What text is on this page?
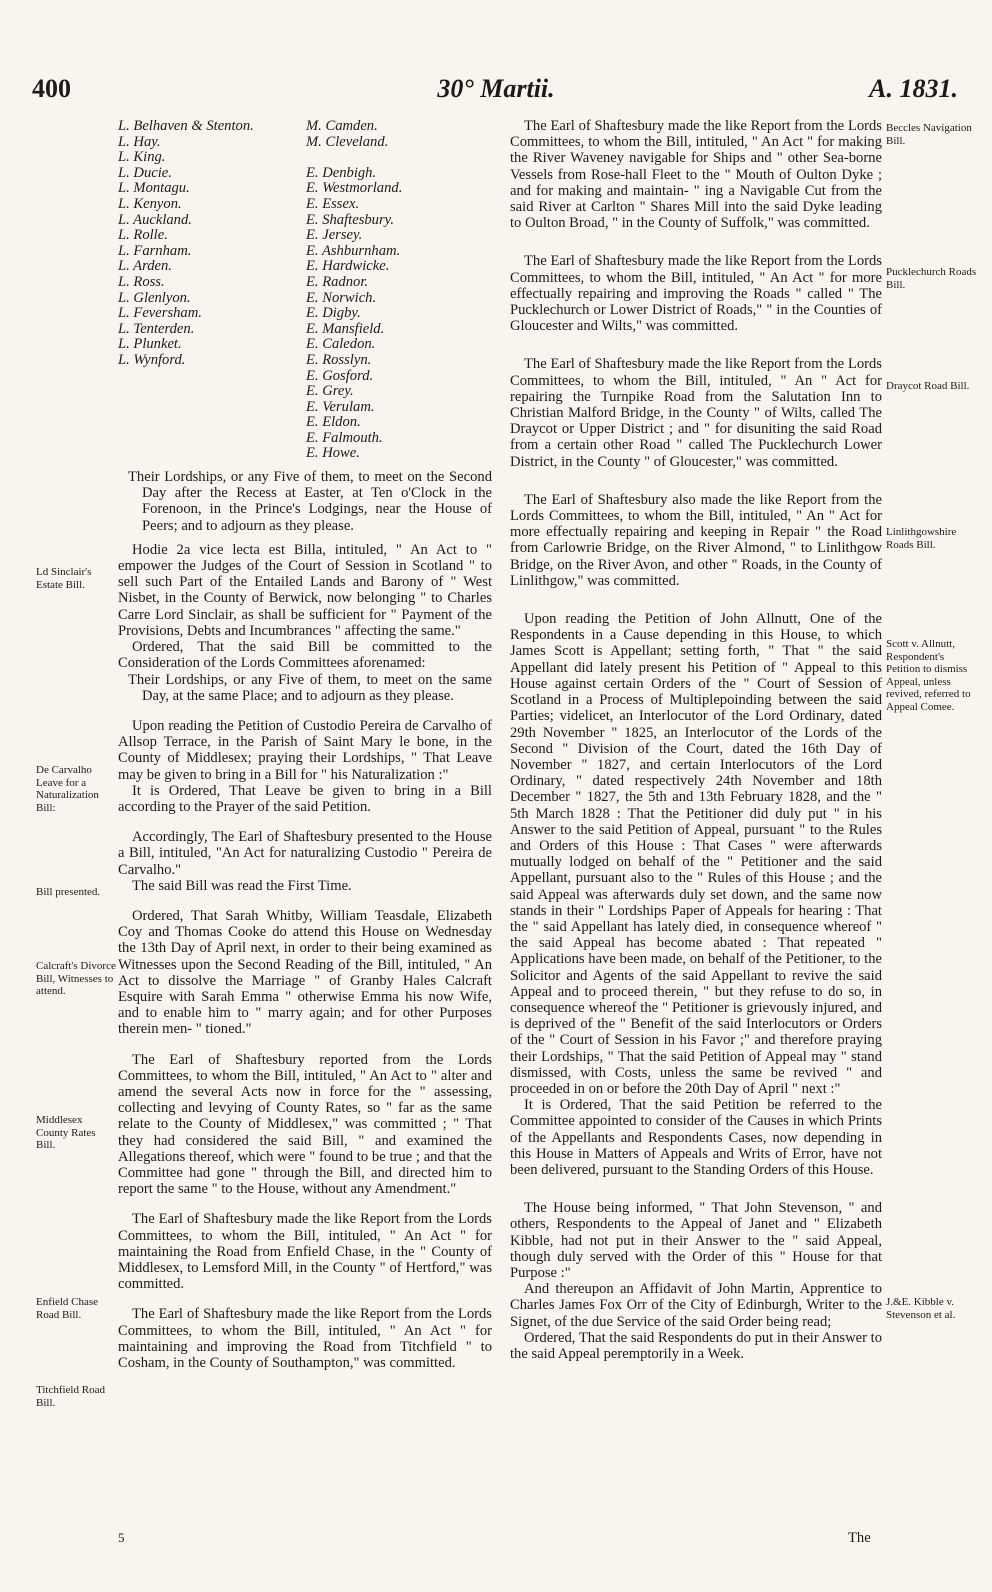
400	30° Martii.	A. 1831.
L. Belhaven & Stenton.
L. Hay.
L. King.
L. Ducie.
L. Montagu.
L. Kenyon.
L. Auckland.
L. Rolle.
L. Farnham.
L. Arden.
L. Ross.
L. Glenlyon.
L. Feversham.
L. Tenterden.
L. Plunket.
L. Wynford.
M. Camden.
M. Cleveland.
E. Denbigh.
E. Westmorland.
E. Essex.
E. Shaftesbury.
E. Jersey.
E. Ashburnham.
E. Hardwicke.
E. Radnor.
E. Norwich.
E. Digby.
E. Mansfield.
E. Caledon.
E. Rosslyn.
E. Gosford.
E. Grey.
E. Verulam.
E. Eldon.
E. Falmouth.
E. Howe.

Their Lordships, or any Five of them, to meet on the Second Day after the Recess at Easter, at Ten o'Clock in the Forenoon, in the Prince's Lodgings, near the House of Peers; and to adjourn as they please.

Hodie 2a vice lecta est Billa, intituled, " An Act to " empower the Judges of the Court of Session in Scotland " to sell such Part of the Entailed Lands and Barony of " West Nisbet, in the County of Berwick, now belonging " to Charles Carre Lord Sinclair, as shall be sufficient for " Payment of the Provisions, Debts and Incumbrances " affecting the same."

Ordered, That the said Bill be committed to the Consideration of the Lords Committees aforenamed:

Their Lordships, or any Five of them, to meet on the same Day, at the same Place; and to adjourn as they please.

Upon reading the Petition of Custodio Pereira de Carvalho of Allsop Terrace, in the Parish of Saint Mary le bone, in the County of Middlesex; praying their Lordships, " That Leave may be given to bring in a Bill for " his Naturalization :"

It is Ordered, That Leave be given to bring in a Bill according to the Prayer of the said Petition.

Accordingly, The Earl of Shaftesbury presented to the House a Bill, intituled, "An Act for naturalizing Custodio " Pereira de Carvalho."

The said Bill was read the First Time.

Ordered, That Sarah Whitby, William Teasdale, Elizabeth Coy and Thomas Cooke do attend this House on Wednesday the 13th Day of April next, in order to their being examined as Witnesses upon the Second Reading of the Bill, intituled, " An Act to dissolve the Marriage " of Granby Hales Calcraft Esquire with Sarah Emma " otherwise Emma his now Wife, and to enable him to " marry again; and for other Purposes therein men- " tioned."

The Earl of Shaftesbury reported from the Lords Committees, to whom the Bill, intituled, " An Act to " alter and amend the several Acts now in force for the " assessing, collecting and levying of County Rates, so " far as the same relate to the County of Middlesex," was committed ; " That they had considered the said Bill, " and examined the Allegations thereof, which were " found to be true ; and that the Committee had gone " through the Bill, and directed him to report the same " to the House, without any Amendment."

The Earl of Shaftesbury made the like Report from the Lords Committees, to whom the Bill, intituled, " An Act " for maintaining the Road from Enfield Chase, in the " County of Middlesex, to Lemsford Mill, in the County " of Hertford," was committed.

The Earl of Shaftesbury made the like Report from the Lords Committees, to whom the Bill, intituled, " An Act " for maintaining and improving the Road from Titchfield " to Cosham, in the County of Southampton," was committed.

The Earl of Shaftesbury made the like Report from the Lords Committees, to whom the Bill, intituled, " An Act " for making the River Waveney navigable for Ships and " other Sea-borne Vessels from Rose-hall Fleet to the " Mouth of Oulton Dyke ; and for making and maintain- " ing a Navigable Cut from the said River at Carlton " Shares Mill into the said Dyke leading to Oulton Broad, " in the County of Suffolk," was committed.

The Earl of Shaftesbury made the like Report from the Lords Committees, to whom the Bill, intituled, " An Act " for more effectually repairing and improving the Roads " called " The Pucklechurch or Lower District of Roads," " in the Counties of Gloucester and Wilts," was committed.

The Earl of Shaftesbury made the like Report from the Lords Committees, to whom the Bill, intituled, " An " Act for repairing the Turnpike Road from the Salutation Inn to Christian Malford Bridge, in the County " of Wilts, called The Draycot or Upper District ; and " for disuniting the said Road from a certain other Road " called The Pucklechurch Lower District, in the County " of Gloucester," was committed.

The Earl of Shaftesbury also made the like Report from the Lords Committees, to whom the Bill, intituled, " An " Act for more effectually repairing and keeping in Repair " the Road from Carlowrie Bridge, on the River Almond, " to Linlithgow Bridge, on the River Avon, and other " Roads, in the County of Linlithgow," was committed.

Upon reading the Petition of John Allnutt, One of the Respondents in a Cause depending in this House, to which James Scott is Appellant; setting forth, " That " the said Appellant did lately present his Petition of " Appeal to this House against certain Orders of the " Court of Session of Scotland in a Process of Multiplepoinding between the said Parties; videlicet, an Interlocutor of the Lord Ordinary, dated 29th November " 1825, an Interlocutor of the Lords of the Second " Division of the Court, dated the 16th Day of November " 1827, and certain Interlocutors of the Lord Ordinary, " dated respectively 24th November and 18th December " 1827, the 5th and 13th February 1828, and the " 5th March 1828 : That the Petitioner did duly put " in his Answer to the said Petition of Appeal, pursuant " to the Rules and Orders of this House : That Cases " were afterwards mutually lodged on behalf of the " Petitioner and the said Appellant, pursuant also to the " Rules of this House ; and the said Appeal was afterwards duly set down, and the same now stands in their " Lordships Paper of Appeals for hearing : That the " said Appellant has lately died, in consequence whereof " the said Appeal has become abated : That repeated " Applications have been made, on behalf of the Petitioner, to the Solicitor and Agents of the said Appellant to revive the said Appeal and to proceed therein, " but they refuse to do so, in consequence whereof the " Petitioner is grievously injured, and is deprived of the " Benefit of the said Interlocutors or Orders of the " Court of Session in his Favor ;" and therefore praying their Lordships, " That the said Petition of Appeal may " stand dismissed, with Costs, unless the same be revived " and proceeded in on or before the 20th Day of April " next :"

It is Ordered, That the said Petition be referred to the Committee appointed to consider of the Causes in which Prints of the Appellants and Respondents Cases, now depending in this House in Matters of Appeals and Writs of Error, have not been delivered, pursuant to the Standing Orders of this House.

The House being informed, " That John Stevenson, " and others, Respondents to the Appeal of Janet and " Elizabeth Kibble, had not put in their Answer to the " said Appeal, though duly served with the Order of this " House for that Purpose :"

And thereupon an Affidavit of John Martin, Apprentice to Charles James Fox Orr of the City of Edinburgh, Writer to the Signet, of the due Service of the said Order being read;

Ordered, That the said Respondents do put in their Answer to the said Appeal peremptorily in a Week.

Ld Sinclair's Estate Bill.
De Carvalho Leave for a Naturalization Bill:
Bill presented.
Calcraft's Divorce Bill, Witnesses to attend.
Middlesex County Rates Bill.
Enfield Chase Road Bill.
Titchfield Road Bill.
Beccles Navigation Bill.
Pucklechurch Roads Bill.
Draycot Road Bill.
Linlithgowshire Roads Bill.
Scott v. Allnutt, Respondent's Petition to dismiss Appeal, unless revived, referred to Appeal Comee.
J.&E. Kibble v. Stevenson et al.
5	The
